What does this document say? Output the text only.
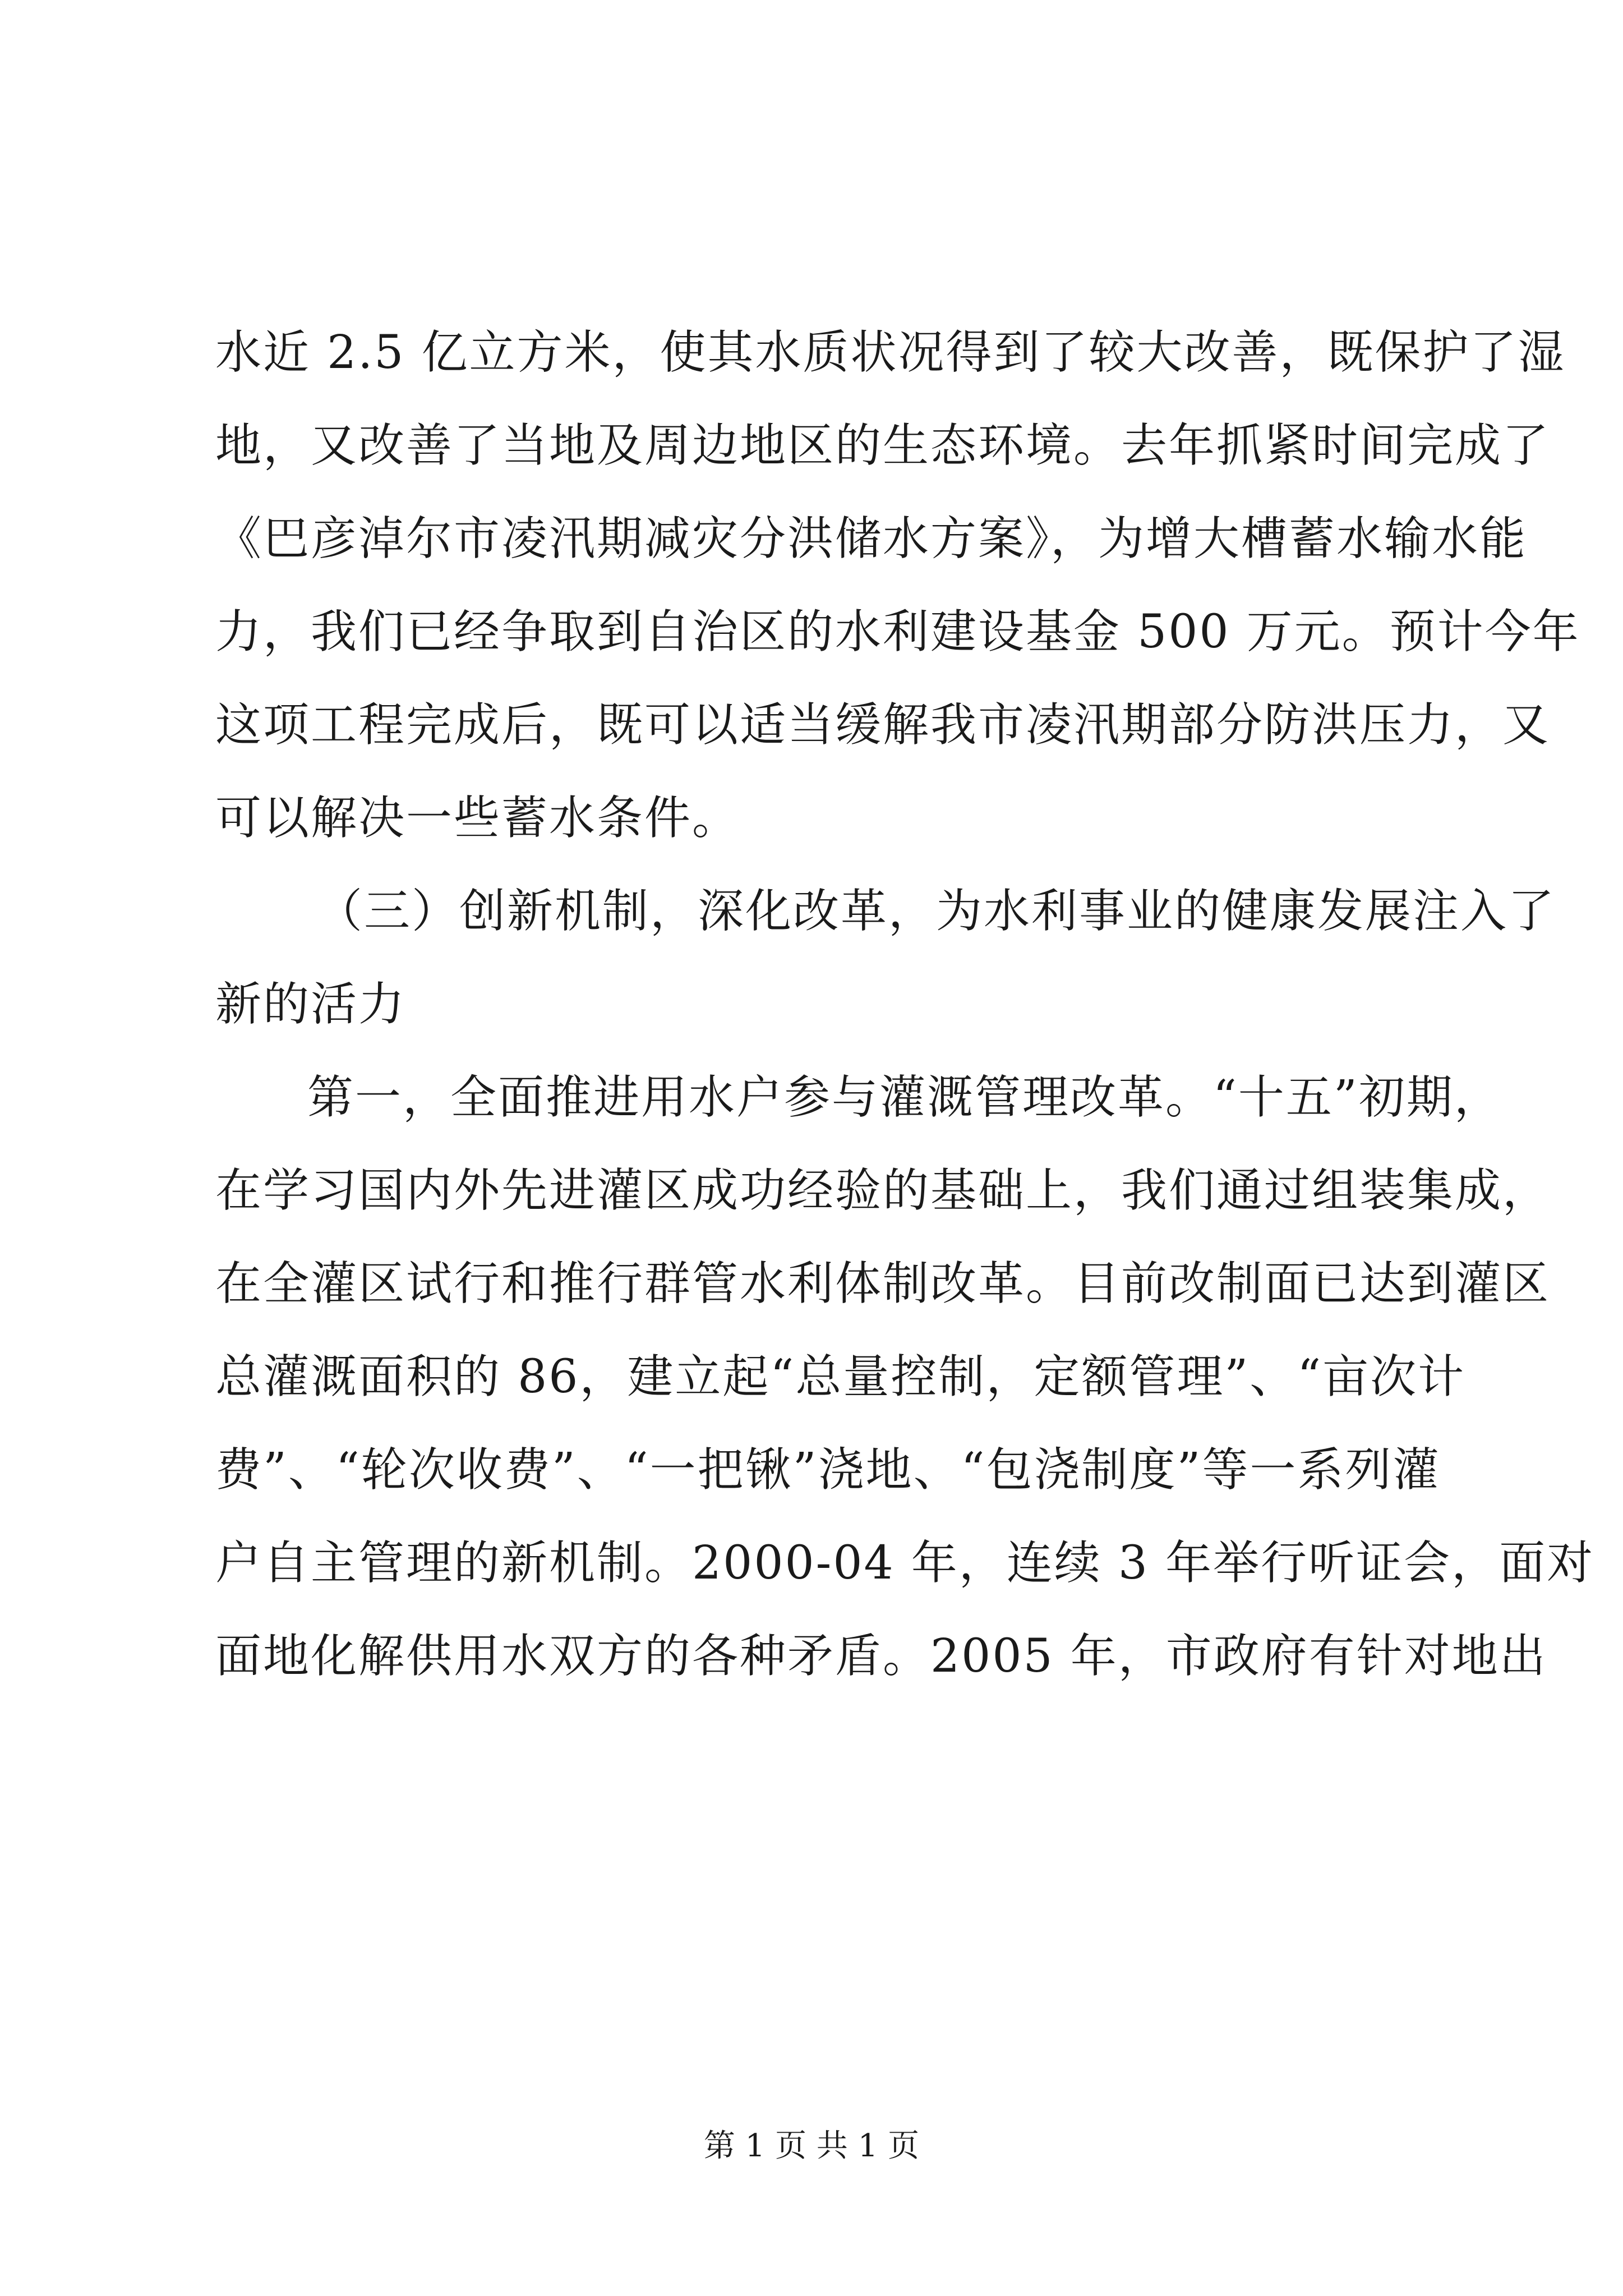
水近 2.5 亿立方米，使其水质状况得到了较大改善，既保护了湿
地，又改善了当地及周边地区的生态环境。去年抓紧时间完成了
《巴彦淖尔市凌汛期减灾分洪储水方案》，为增大槽蓄水输水能
力，我们已经争取到自治区的水利建设基金 500 万元。预计今年
这项工程完成后，既可以适当缓解我市凌汛期部分防洪压力，又
可以解决一些蓄水条件。
（三）创新机制，深化改革，为水利事业的健康发展注入了
新的活力
第一，全面推进用水户参与灌溉管理改革。“十五”初期，
在学习国内外先进灌区成功经验的基础上，我们通过组装集成，
在全灌区试行和推行群管水利体制改革。目前改制面已达到灌区
总灌溉面积的 86，建立起“总量控制，定额管理”、“亩次计
费”、“轮次收费”、“一把锹”浇地、“包浇制度”等一系列灌
户自主管理的新机制。2000-04 年，连续 3 年举行听证会，面对
面地化解供用水双方的各种矛盾。2005 年，市政府有针对地出
第 1 页 共 1 页
